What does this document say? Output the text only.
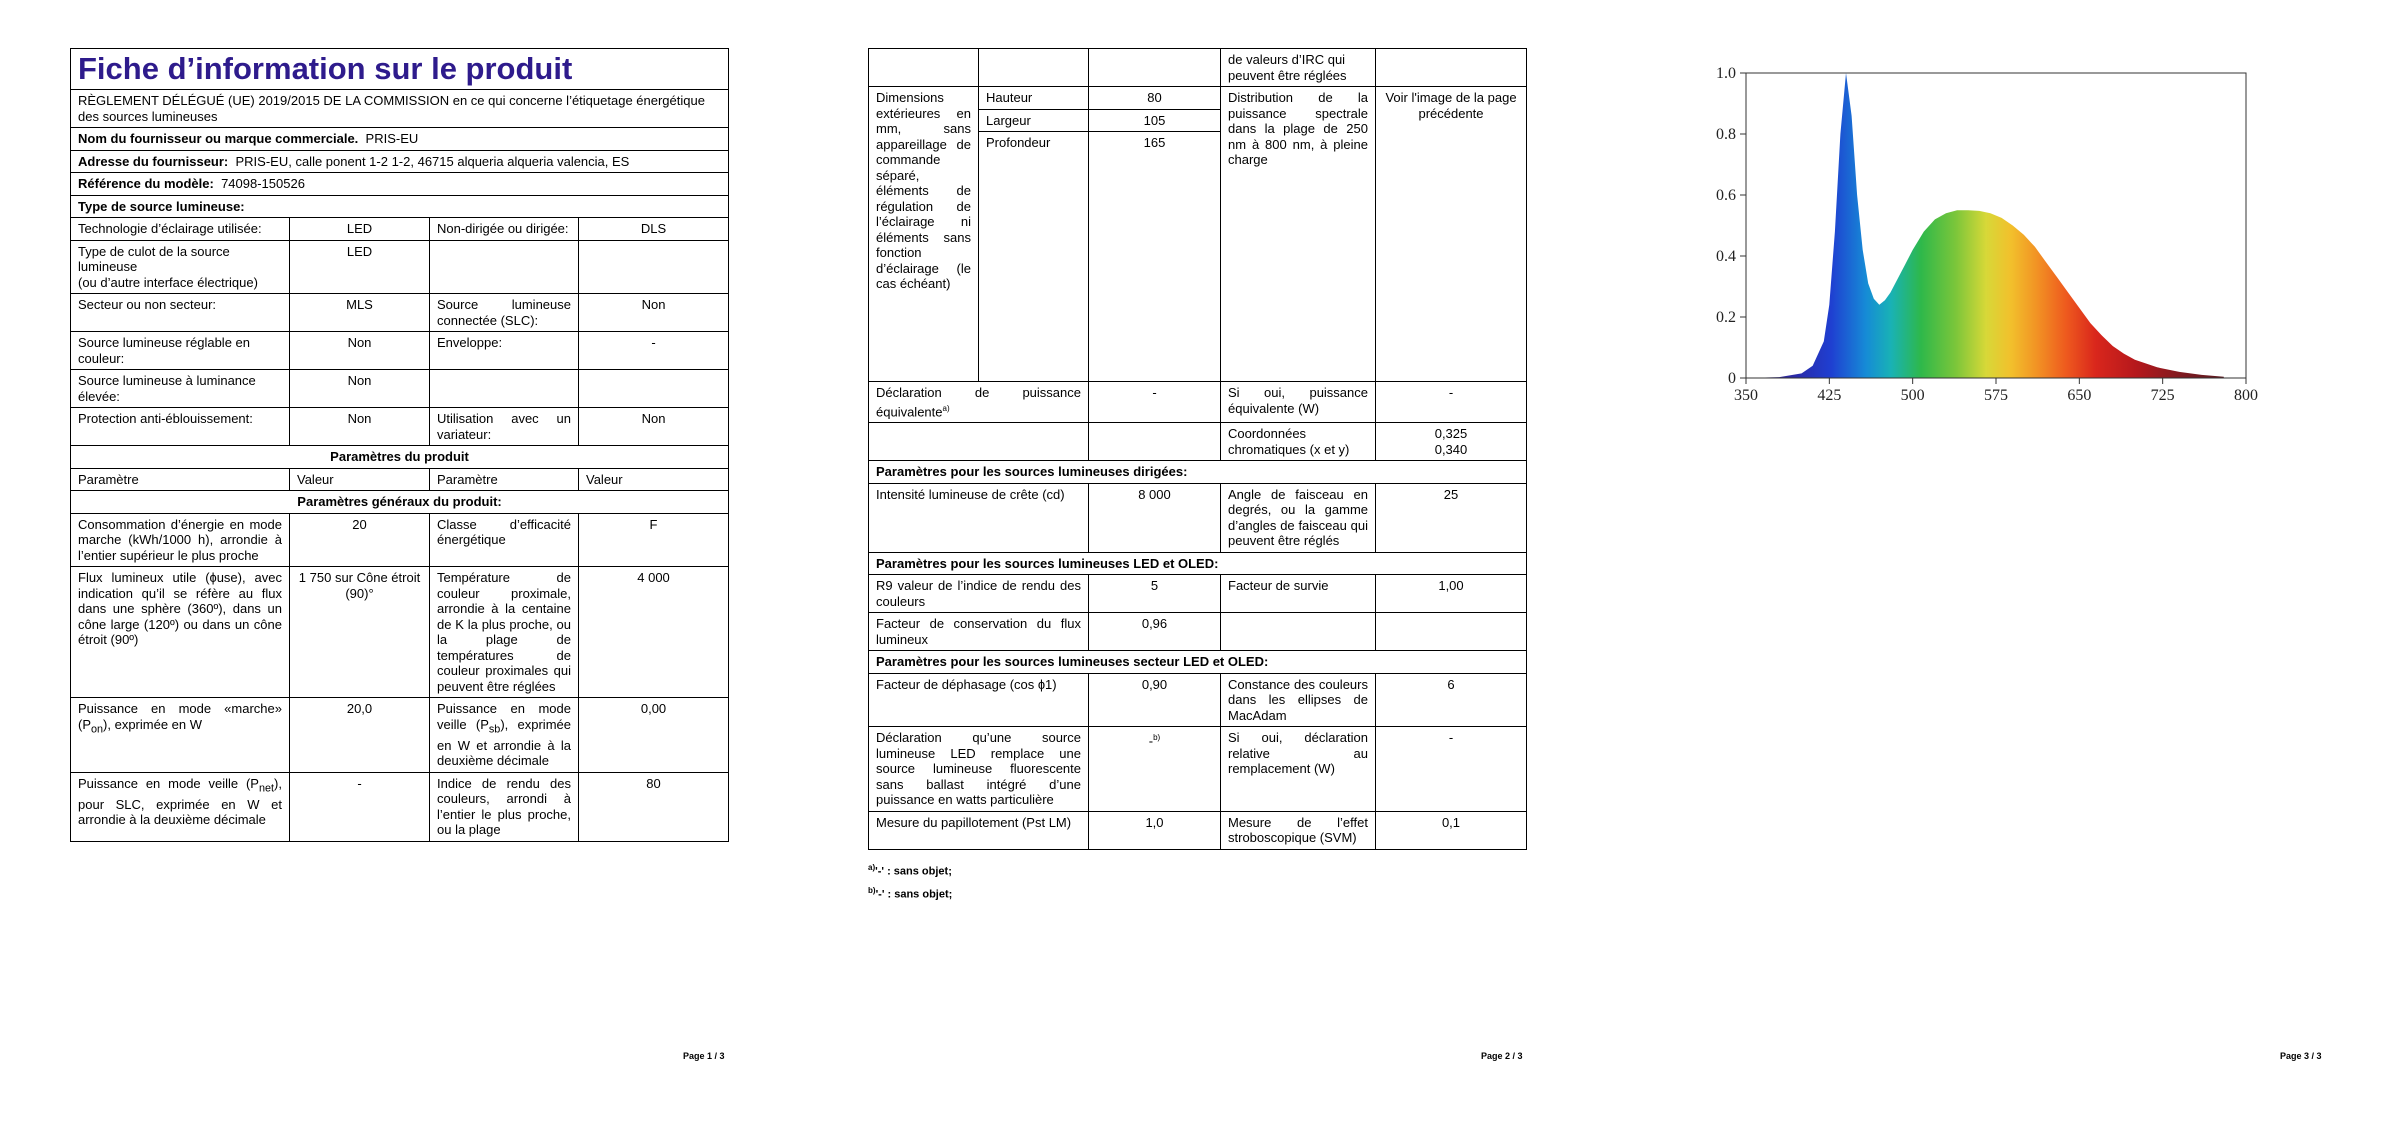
Fiche d’information sur le produit			
RÈGLEMENT DÉLÉGUÉ (UE) 2019/2015 DE LA COMMISSION en ce qui concerne l’étiquetage énergétique des sources lumineuses			
Nom du fournisseur ou marque commerciale. PRIS-EU			
Adresse du fournisseur: PRIS-EU, calle ponent 1-2 1-2, 46715 alqueria alqueria valencia, ES			
Référence du modèle: 74098-150526			
Type de source lumineuse:			
Technologie d’éclairage utilisée:	LED	Non-dirigée ou dirigée:	DLS
Type de culot de la source lumineuse
(ou d’autre interface électrique)	LED		
Secteur ou non secteur:	MLS	Source lumineuse connectée (SLC):	Non
Source lumineuse réglable en couleur:	Non	Enveloppe:	-
Source lumineuse à luminance élevée:	Non		
Protection anti-éblouissement:	Non	Utilisation avec un variateur:	Non
Paramètres du produit			
Paramètre	Valeur	Paramètre	Valeur
Paramètres généraux du produit:			
Consommation d’énergie en mode marche (kWh/1000 h), arrondie à l’entier supérieur le plus proche	20	Classe d’efficacité énergétique	F
Flux lumineux utile (ɸuse), avec indication qu’il se réfère au flux dans une sphère (360º), dans un cône large (120º) ou dans un cône étroit (90º)	1 750 sur Cône étroit (90)°	Température de couleur proximale, arrondie à la centaine de K la plus proche, ou la plage de températures de couleur proximales qui peuvent être réglées	4 000
Puissance en mode «marche» $(P_{on})$, exprimée en W	20,0	Puissance en mode veille $(P_{sb})$, exprimée en W et arrondie à la deuxième décimale	0,00
Puissance en mode veille $(P_{net})$, pour SLC, exprimée en W et arrondie à la deuxième décimale	-	Indice de rendu des couleurs, arrondi à l’entier le plus proche, ou la plage	80
Page 1 / 3
			de valeurs d’IRC qui peuvent être réglées	
Dimensions extérieures en mm, sans appareillage de commande séparé, éléments de régulation de l’éclairage ni éléments sans fonction d’éclairage (le cas échéant)	Hauteur	80	Distribution de la puissance spectrale dans la plage de 250 nm à 800 nm, à pleine charge	Voir l'image de la page précédente
	Largeur	105		
	Profondeur	165		
Déclaration de puissance équivalente$^{a)}$		-	Si oui, puissance équivalente (W)	-
			Coordonnées chromatiques (x et y)	0,325
0,340
Paramètres pour les sources lumineuses dirigées:				
Intensité lumineuse de crête (cd)		8 000	Angle de faisceau en degrés, ou la gamme d’angles de faisceau qui peuvent être réglés	25
Paramètres pour les sources lumineuses LED et OLED:				
R9 valeur de l’indice de rendu des couleurs		5	Facteur de survie	1,00
Facteur de conservation du flux lumineux		0,96		
Paramètres pour les sources lumineuses secteur LED et OLED:				
Facteur de déphasage (cos ɸ1)		0,90	Constance des couleurs dans les ellipses de MacAdam	6
Déclaration qu’une source lumineuse LED remplace une source lumineuse fluorescente sans ballast intégré d’une puissance en watts particulière		-$^{b)}$	Si oui, déclaration relative au remplacement (W)	-
Mesure du papillotement (Pst LM)		1,0	Mesure de l’effet stroboscopique (SVM)	0,1
$^{a)}$'-' : sans objet;
$^{b)}$'-' : sans objet;
Page 2 / 3
350	425	500	575	650	725	800
0
0.2
0.4
0.6
0.8
1.0
Page 3 / 3
